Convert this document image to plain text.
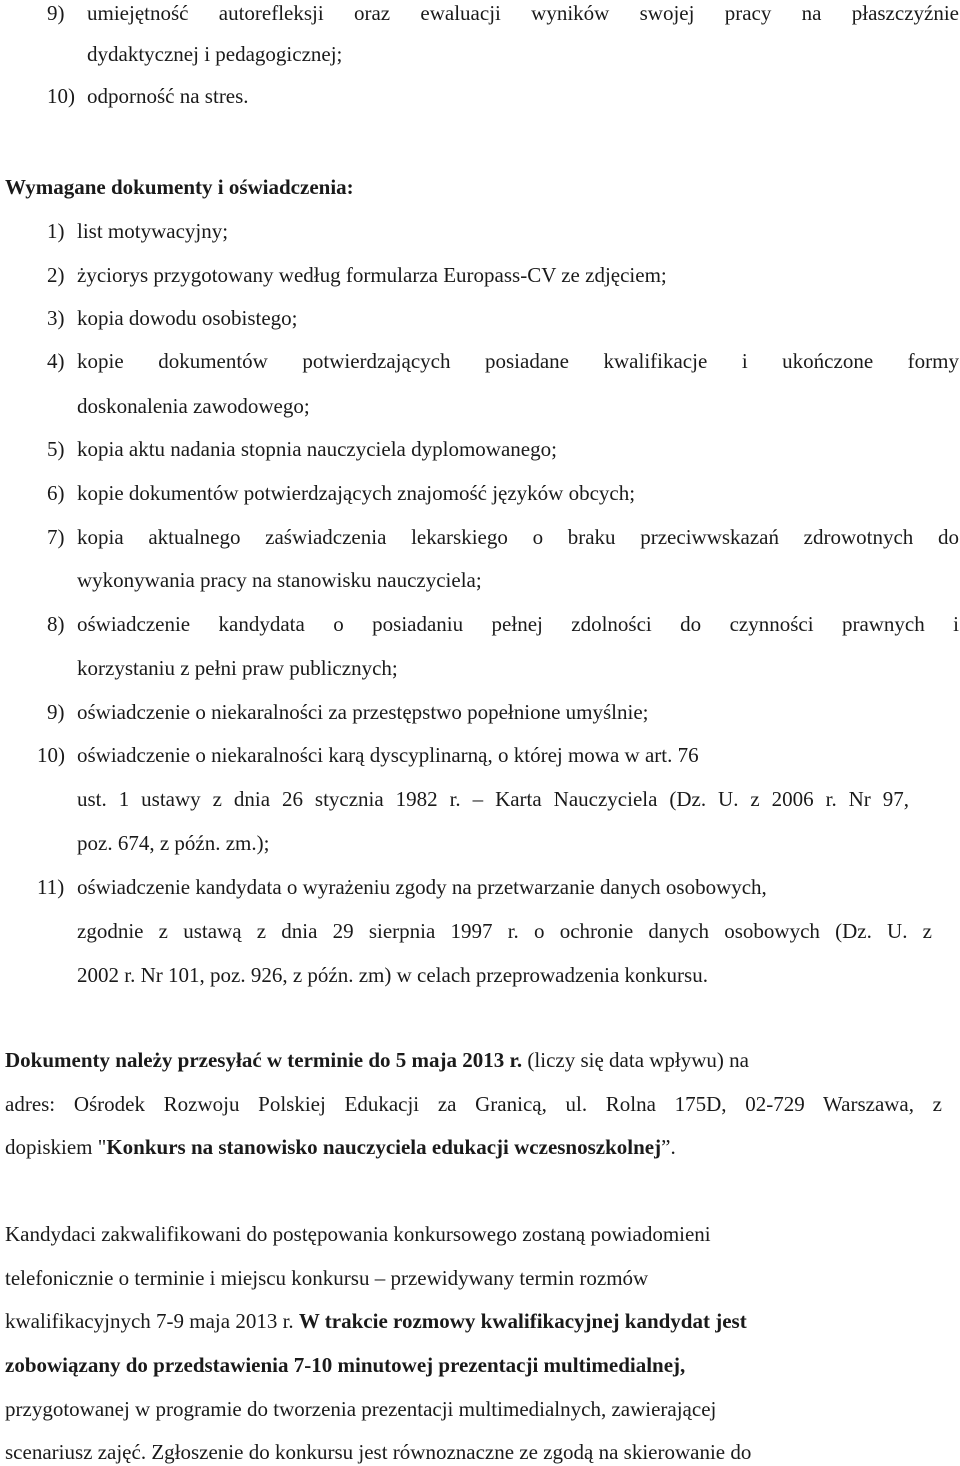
9) umiejętność autorefleksji oraz ewaluacji wyników swojej pracy na płaszczyźnie
dydaktycznej i pedagogicznej;
10) odporność na stres.
Wymagane dokumenty i oświadczenia:
1) list motywacyjny;
2) życiorys przygotowany według formularza Europass-CV ze zdjęciem;
3) kopia dowodu osobistego;
4) kopie dokumentów potwierdzających posiadane kwalifikacje i ukończone formy
doskonalenia zawodowego;
5) kopia aktu nadania stopnia nauczyciela dyplomowanego;
6) kopie dokumentów potwierdzających znajomość języków obcych;
7) kopia aktualnego zaświadczenia lekarskiego o braku przeciwwskazań zdrowotnych do
wykonywania pracy na stanowisku nauczyciela;
8) oświadczenie kandydata o posiadaniu pełnej zdolności do czynności prawnych i
korzystaniu z pełni praw publicznych;
9) oświadczenie o niekaralności za przestępstwo popełnione umyślnie;
10) oświadczenie o niekaralności karą dyscyplinarną, o której mowa w art. 76
ust. 1 ustawy z dnia 26 stycznia 1982 r. – Karta Nauczyciela (Dz. U. z 2006 r. Nr 97,
poz. 674, z późn. zm.);
11) oświadczenie kandydata o wyrażeniu zgody na przetwarzanie danych osobowych,
zgodnie z ustawą z dnia 29 sierpnia 1997 r. o ochronie danych osobowych (Dz. U. z
2002 r. Nr 101, poz. 926, z późn. zm) w celach przeprowadzenia konkursu.
Dokumenty należy przesyłać w terminie do 5 maja 2013 r. (liczy się data wpływu) na
adres: Ośrodek Rozwoju Polskiej Edukacji za Granicą, ul. Rolna 175D, 02-729 Warszawa, z
dopiskiem "Konkurs na stanowisko nauczyciela edukacji wczesnoszkolnej”.
Kandydaci zakwalifikowani do postępowania konkursowego zostaną powiadomieni
telefonicznie o terminie i miejscu konkursu – przewidywany termin rozmów
kwalifikacyjnych 7-9 maja 2013 r. W trakcie rozmowy kwalifikacyjnej kandydat jest
zobowiązany do przedstawienia 7-10 minutowej prezentacji multimedialnej,
przygotowanej w programie do tworzenia prezentacji multimedialnych, zawierającej
scenariusz zajęć. Zgłoszenie do konkursu jest równoznaczne ze zgodą na skierowanie do
